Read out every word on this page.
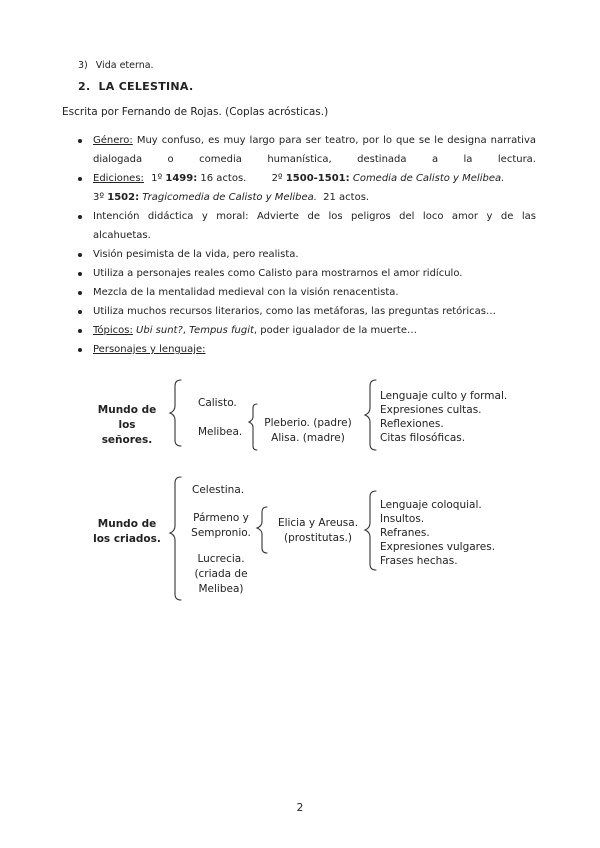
3) Vida eterna.
2. LA CELESTINA.
Escrita por Fernando de Rojas. (Coplas acrósticas.)
Género: Muy confuso, es muy largo para ser teatro, por lo que se le designa narrativa
dialogada o comedia humanística, destinada a la lectura.
Ediciones: 1º 1499: 16 actos.	2º 1500-1501: Comedia de Calisto y Melibea.
3º 1502: Tragicomedia de Calisto y Melibea. 21 actos.
Intención didáctica y moral: Advierte de los peligros del loco amor y de las
alcahuetas.
Visión pesimista de la vida, pero realista.
Utiliza a personajes reales como Calisto para mostrarnos el amor ridículo.
Mezcla de la mentalidad medieval con la visión renacentista.
Utiliza muchos recursos literarios, como las metáforas, las preguntas retóricas…
Tópicos: Ubi sunt?, Tempus fugit, poder igualador de la muerte…
Personajes y lenguaje:
Mundo de
los señores.
Calisto.
Melibea.
Pleberio. (padre)
Alisa. (madre)
Lenguaje culto y formal.
Expresiones cultas.
Reflexiones.
Citas filosóficas.
Mundo de
los criados.
Celestina.
Pármeno y
Sempronio.
Lucrecia.
(criada de
Melibea)
Elicia y Areusa.
(prostitutas.)
Lenguaje coloquial.
Insultos.
Refranes.
Expresiones vulgares.
Frases hechas.
2
